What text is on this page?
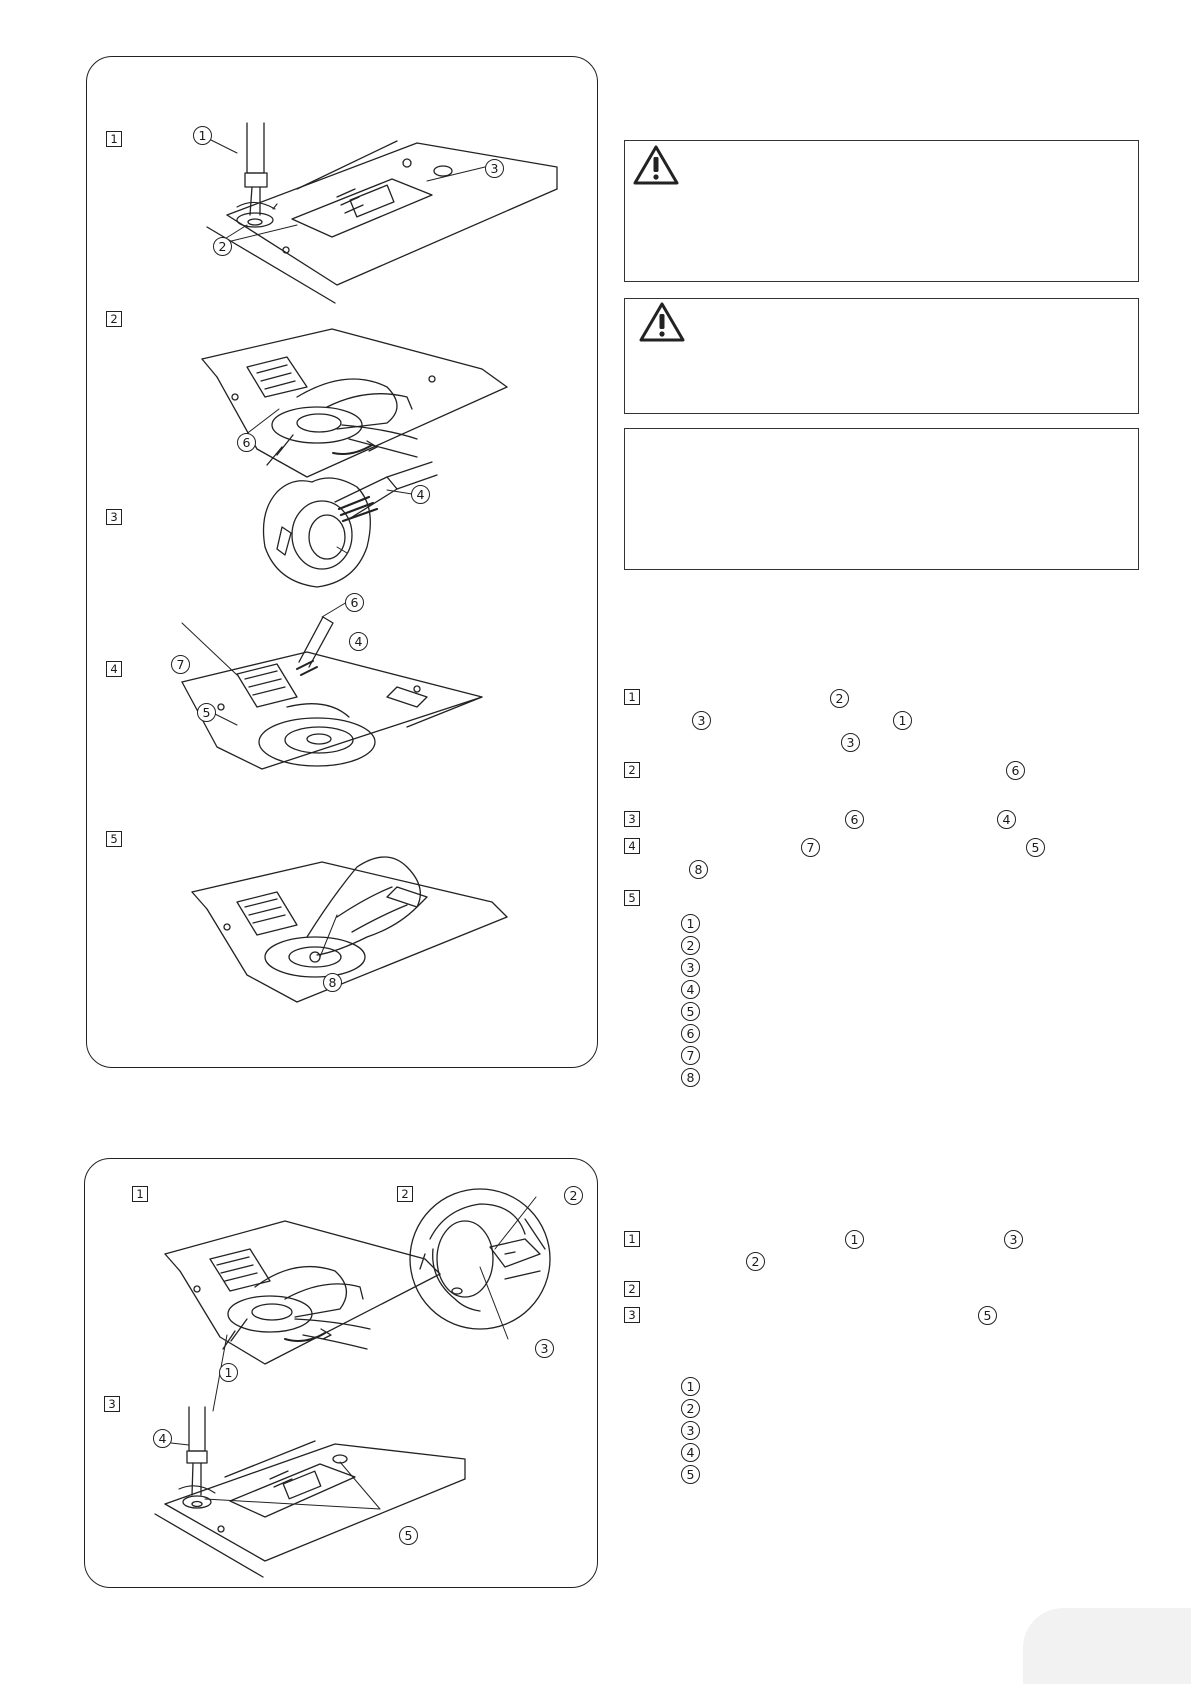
1
2
3
4
5
1
3
2
6
4
6
4
7
5
8
1	2
3
1
2
3
4
5
1	2
3	1
3
2	6
3	6	4
4	7	5
8
5
1
2
3
4
5
6
7
8
1	1	3
2
2
3	5
1
2
3
4
5
